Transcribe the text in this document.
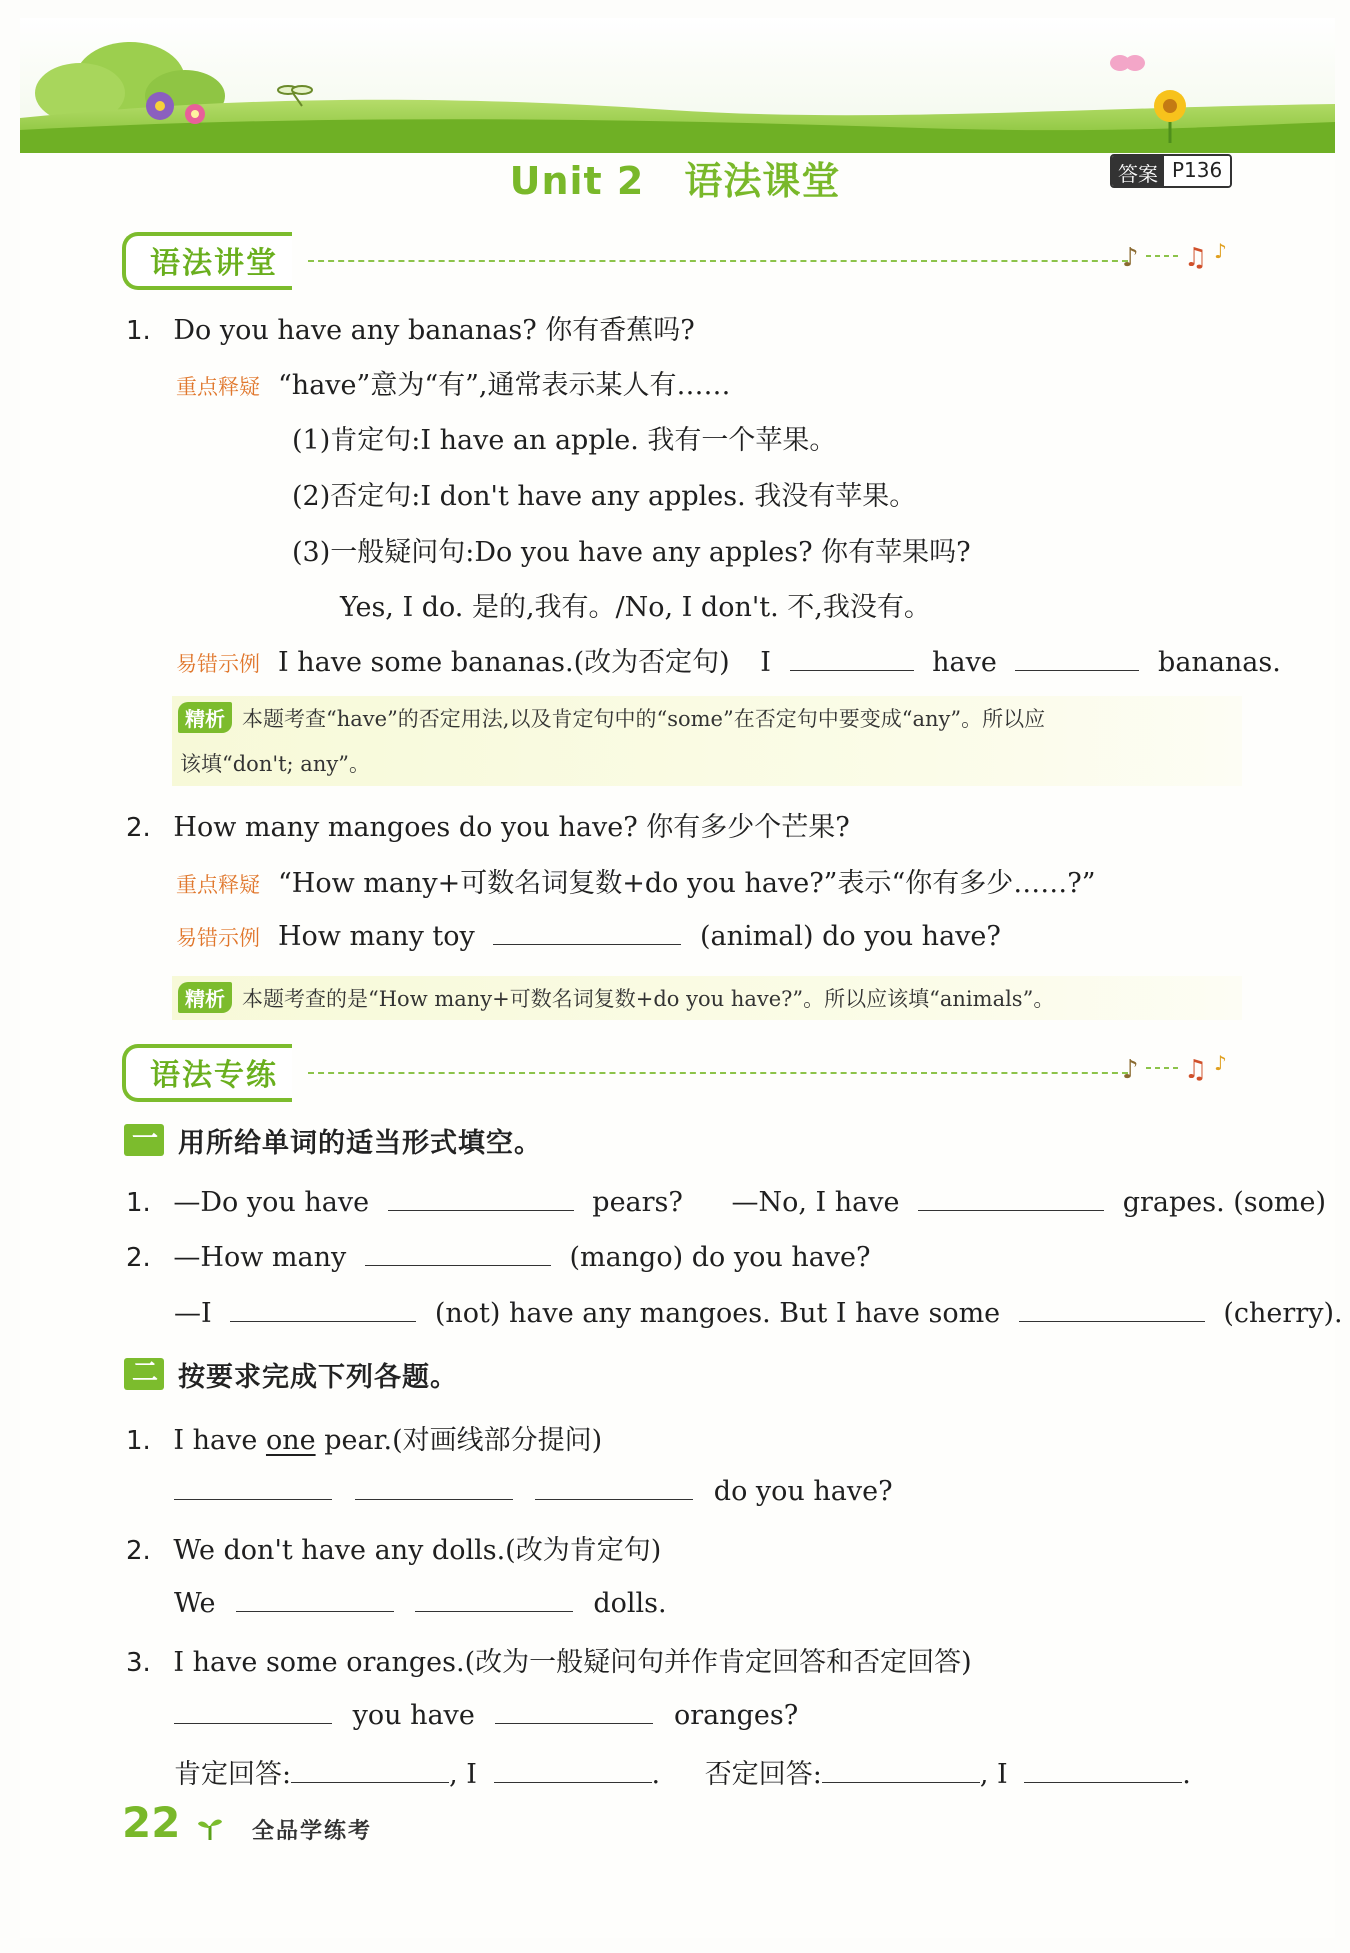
Unit 2 语法课堂	答案 P136
语法讲堂	♪ ♫ ♪
1. Do you have any bananas? 你有香蕉吗?
重点释疑 “have”意为“有”,通常表示某人有……
(1)肯定句:I have an apple. 我有一个苹果。
(2)否定句:I don't have any apples. 我没有苹果。
(3)一般疑问句:Do you have any apples? 你有苹果吗?
Yes, I do. 是的,我有。/No, I don't. 不,我没有。
易错示例 I have some bananas.(改为否定句) I	have	bananas.
精析 本题考查“have”的否定用法,以及肯定句中的“some”在否定句中要变成“any”。所以应
该填“don't; any”。
2. How many mangoes do you have? 你有多少个芒果?
重点释疑 “How many+可数名词复数+do you have?”表示“你有多少……?”
易错示例 How many toy	(animal) do you have?
精析 本题考查的是“How many+可数名词复数+do you have?”。所以应该填“animals”。
语法专练	♪ ♫ ♪
一 用所给单词的适当形式填空。
1. —Do you have	pears? —No, I have	grapes. (some)
2. —How many	(mango) do you have?
—I	(not) have any mangoes. But I have some	(cherry).
二 按要求完成下列各题。
1. I have one pear.(对画线部分提问)
do you have?
2. We don't have any dolls.(改为肯定句)
We	dolls.
3. I have some oranges.(改为一般疑问句并作肯定回答和否定回答)
you have	oranges?
肯定回答:	, I	. 否定回答:	, I	.
22	全品学练考
